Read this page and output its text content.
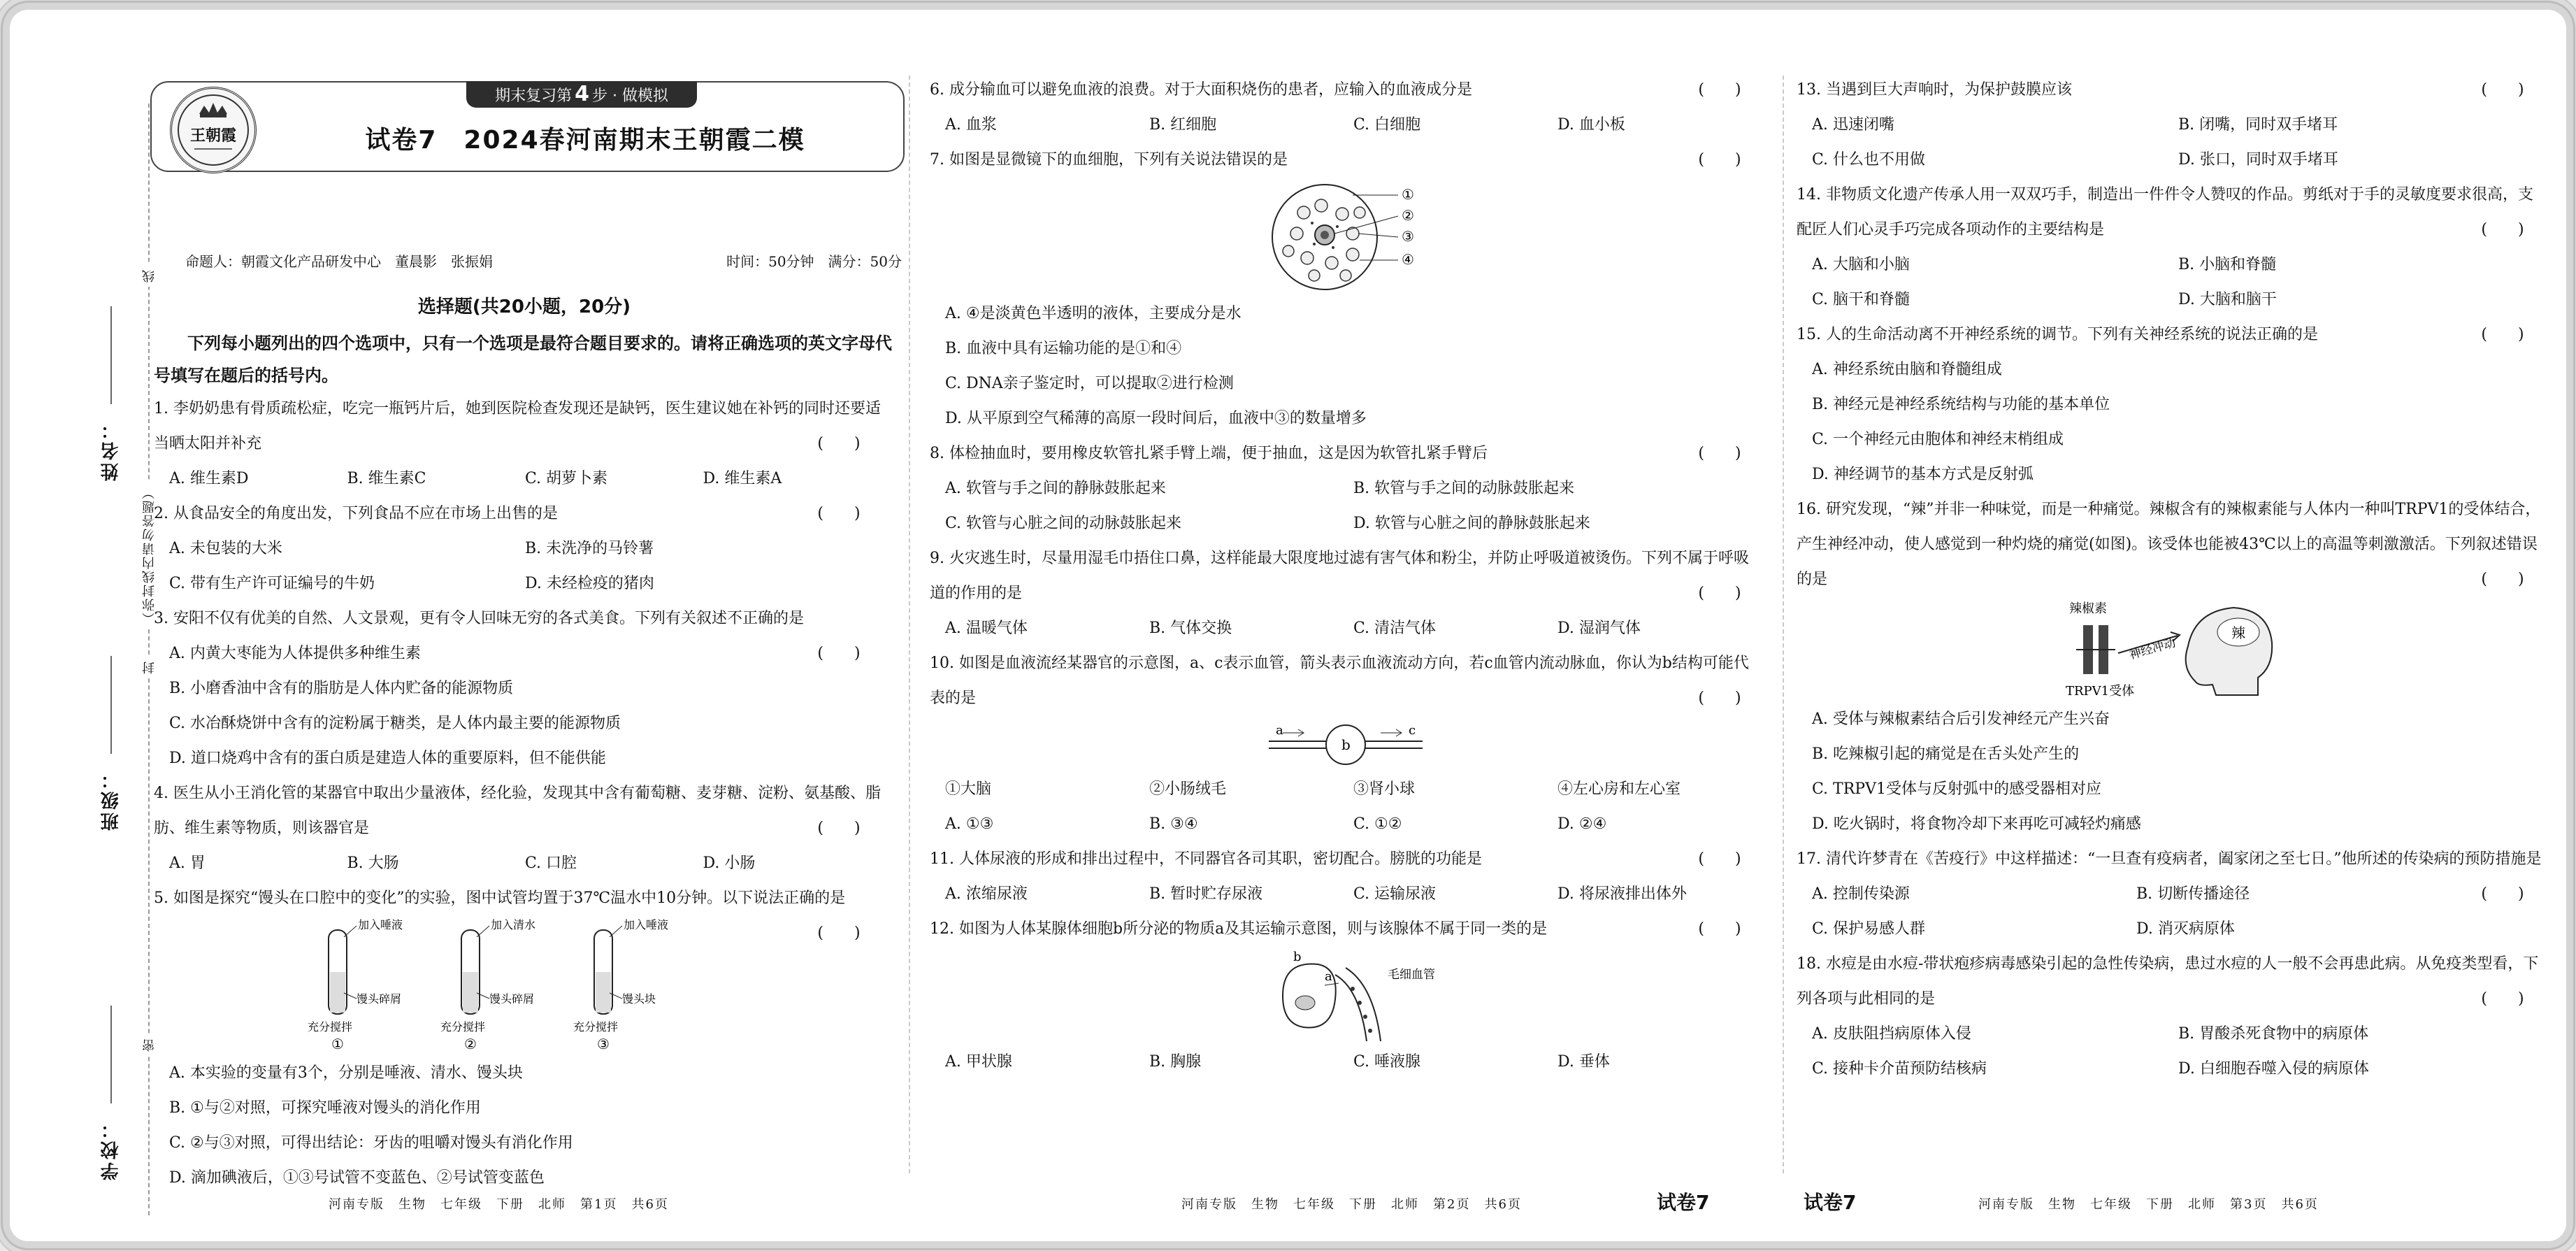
姓名：
班级：
学校：
（弥封线内请勿答题）
线
封
密
王朝霞
期末复习第 4 步 · 做模拟
试卷7　2024春河南期末王朝霞二模
命题人：朝霞文化产品研发中心　董晨影　张振娟	时间：50分钟　满分：50分
选择题(共20小题，20分)
下列每小题列出的四个选项中，只有一个选项是最符合题目要求的。请将正确选项的英文字母代号填写在题后的括号内。
1. 李奶奶患有骨质疏松症，吃完一瓶钙片后，她到医院检查发现还是缺钙，医生建议她在补钙的同时还要适当晒太阳并补充	(　　)
A. 维生素D	B. 维生素C	C. 胡萝卜素	D. 维生素A
2. 从食品安全的角度出发，下列食品不应在市场上出售的是	(　　)
A. 未包装的大米	B. 未洗净的马铃薯
C. 带有生产许可证编号的牛奶	D. 未经检疫的猪肉
3. 安阳不仅有优美的自然、人文景观，更有令人回味无穷的各式美食。下列有关叙述不正确的是
(　　)
A. 内黄大枣能为人体提供多种维生素
B. 小磨香油中含有的脂肪是人体内贮备的能源物质
C. 水冶酥烧饼中含有的淀粉属于糖类，是人体内最主要的能源物质
D. 道口烧鸡中含有的蛋白质是建造人体的重要原料，但不能供能
4. 医生从小王消化管的某器官中取出少量液体，经化验，发现其中含有葡萄糖、麦芽糖、淀粉、氨基酸、脂肪、维生素等物质，则该器官是	(　　)
A. 胃	B. 大肠	C. 口腔	D. 小肠
5. 如图是探究“馒头在口腔中的变化”的实验，图中试管均置于37℃温水中10分钟。以下说法正确的是
(　　)
加入唾液
馒头碎屑
充分搅拌
①
加入清水
馒头碎屑
充分搅拌
②
加入唾液
馒头块
充分搅拌
③
A. 本实验的变量有3个，分别是唾液、清水、馒头块
B. ①与②对照，可探究唾液对馒头的消化作用
C. ②与③对照，可得出结论：牙齿的咀嚼对馒头有消化作用
D. 滴加碘液后，①③号试管不变蓝色、②号试管变蓝色
6. 成分输血可以避免血液的浪费。对于大面积烧伤的患者，应输入的血液成分是	(　　)
A. 血浆	B. 红细胞	C. 白细胞	D. 血小板
7. 如图是显微镜下的血细胞，下列有关说法错误的是	(　　)
①
②
③
④
A. ④是淡黄色半透明的液体，主要成分是水
B. 血液中具有运输功能的是①和④
C. DNA亲子鉴定时，可以提取②进行检测
D. 从平原到空气稀薄的高原一段时间后，血液中③的数量增多
8. 体检抽血时，要用橡皮软管扎紧手臂上端，便于抽血，这是因为软管扎紧手臂后	(　　)
A. 软管与手之间的静脉鼓胀起来	B. 软管与手之间的动脉鼓胀起来
C. 软管与心脏之间的动脉鼓胀起来	D. 软管与心脏之间的静脉鼓胀起来
9. 火灾逃生时，尽量用湿毛巾捂住口鼻，这样能最大限度地过滤有害气体和粉尘，并防止呼吸道被烫伤。下列不属于呼吸道的作用的是	(　　)
A. 温暖气体	B. 气体交换	C. 清洁气体	D. 湿润气体
10. 如图是血液流经某器官的示意图，a、c表示血管，箭头表示血液流动方向，若c血管内流动脉血，你认为b结构可能代表的是	(　　)
a
b
c
①大脑	②小肠绒毛	③肾小球	④左心房和左心室
A. ①③	B. ③④	C. ①②	D. ②④
11. 人体尿液的形成和排出过程中，不同器官各司其职，密切配合。膀胱的功能是	(　　)
A. 浓缩尿液	B. 暂时贮存尿液	C. 运输尿液	D. 将尿液排出体外
12. 如图为人体某腺体细胞b所分泌的物质a及其运输示意图，则与该腺体不属于同一类的是	(　　)
b
a	毛细血管
A. 甲状腺	B. 胸腺	C. 唾液腺	D. 垂体
13. 当遇到巨大声响时，为保护鼓膜应该	(　　)
A. 迅速闭嘴	B. 闭嘴，同时双手堵耳
C. 什么也不用做	D. 张口，同时双手堵耳
14. 非物质文化遗产传承人用一双双巧手，制造出一件件令人赞叹的作品。剪纸对于手的灵敏度要求很高，支配匠人们心灵手巧完成各项动作的主要结构是	(　　)
A. 大脑和小脑	B. 小脑和脊髓
C. 脑干和脊髓	D. 大脑和脑干
15. 人的生命活动离不开神经系统的调节。下列有关神经系统的说法正确的是	(　　)
A. 神经系统由脑和脊髓组成
B. 神经元是神经系统结构与功能的基本单位
C. 一个神经元由胞体和神经末梢组成
D. 神经调节的基本方式是反射弧
16. 研究发现，“辣”并非一种味觉，而是一种痛觉。辣椒含有的辣椒素能与人体内一种叫TRPV1的受体结合，产生神经冲动，使人感觉到一种灼烧的痛觉(如图)。该受体也能被43℃以上的高温等刺激激活。下列叙述错误的是	(　　)
辣椒素
TRPV1受体
神经冲动
辣
A. 受体与辣椒素结合后引发神经元产生兴奋
B. 吃辣椒引起的痛觉是在舌头处产生的
C. TRPV1受体与反射弧中的感受器相对应
D. 吃火锅时，将食物冷却下来再吃可减轻灼痛感
17. 清代许梦青在《苦疫行》中这样描述：“一旦查有疫病者，阖家闭之至七日。”他所述的传染病的预防措施是
(　　)
A. 控制传染源	B. 切断传播途径
C. 保护易感人群	D. 消灭病原体
18. 水痘是由水痘-带状疱疹病毒感染引起的急性传染病，患过水痘的人一般不会再患此病。从免疫类型看，下列各项与此相同的是	(　　)
A. 皮肤阻挡病原体入侵	B. 胃酸杀死食物中的病原体
C. 接种卡介苗预防结核病	D. 白细胞吞噬入侵的病原体
河南专版　生物　七年级　下册　北师　第1页　共6页	河南专版　生物　七年级　下册　北师　第2页　共6页	试卷7	试卷7	河南专版　生物　七年级　下册　北师　第3页　共6页
